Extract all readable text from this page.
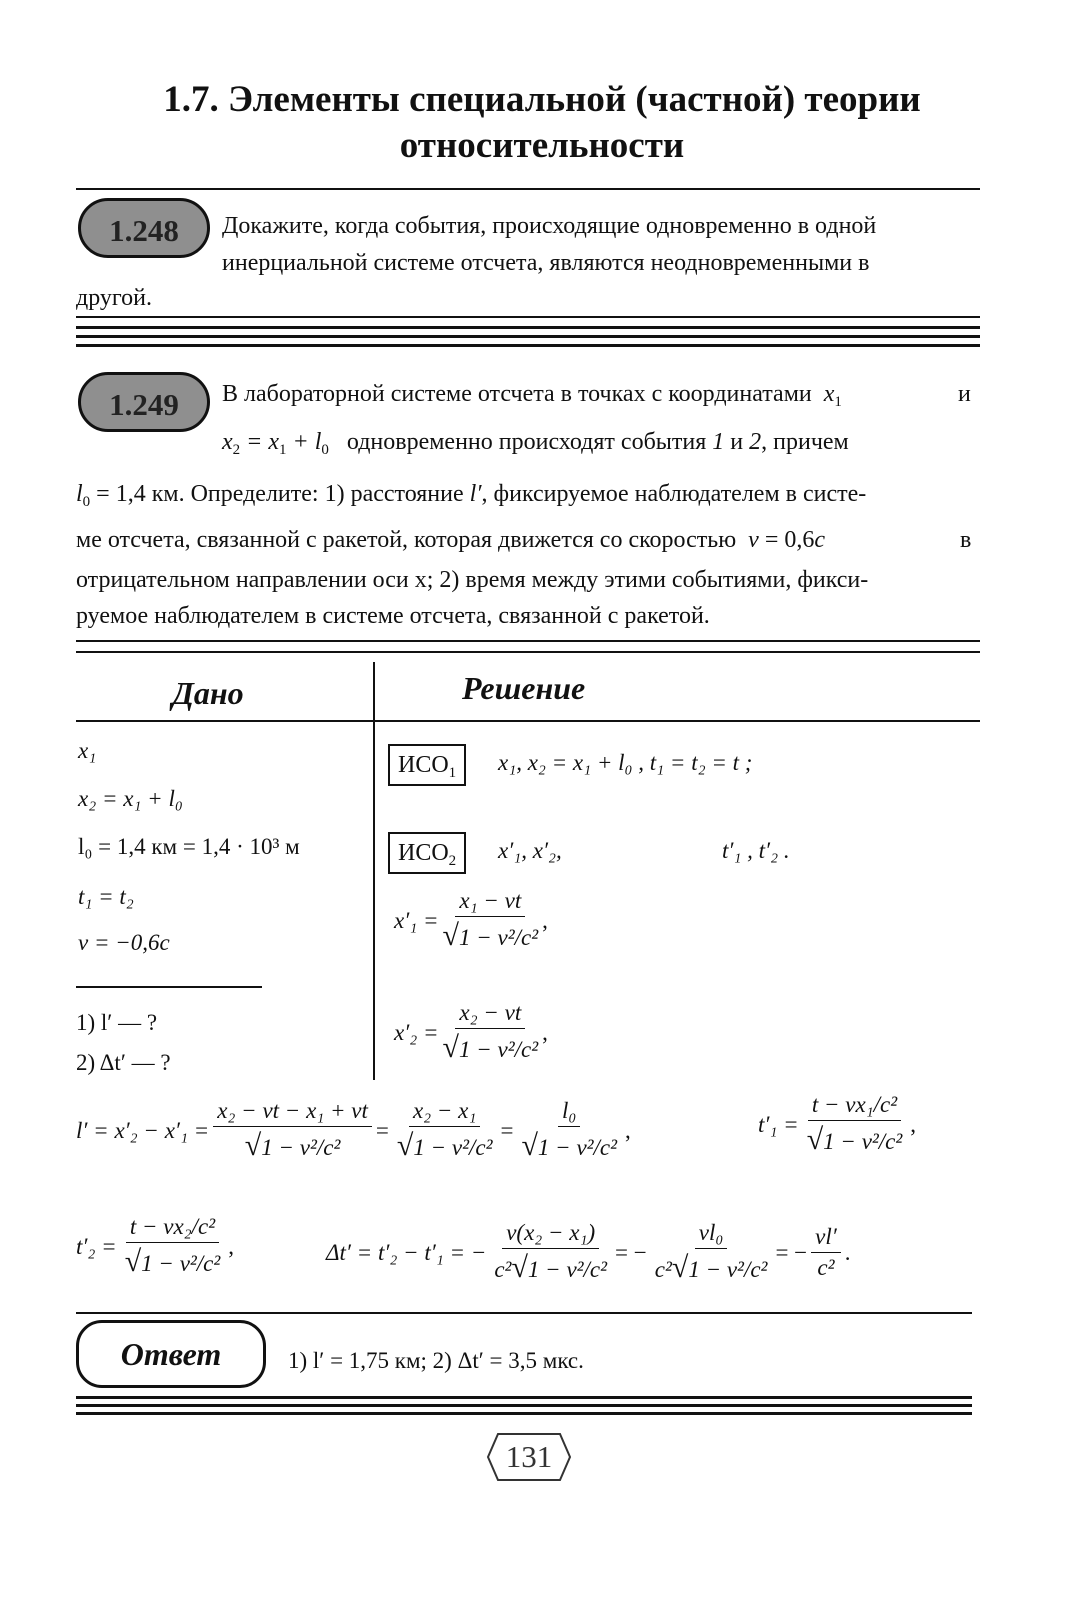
1.7. Элементы специальной (частной) теории
относительности
1.248	Докажите, когда события, происходящие одновременно в одной
инерциальной системе отсчета, являются неодновременными в
другой.
1.249	В лабораторной системе отсчета в точках с координатами $x_1$	и
$x_2 = x_1 + l_0$ одновременно происходят события 1 и 2, причем
$l_0 = 1,4$ км. Определите: 1) расстояние l′, фиксируемое наблюдателем в систе-
ме отсчета, связанной с ракетой, которая движется со скоростью v = 0,6c	в
отрицательном направлении оси x; 2) время между этими событиями, фикси-
руемое наблюдателем в системе отсчета, связанной с ракетой.
Дано	Решение
x₁
x₂ = x₁ + l₀
l₀ = 1,4 км = 1,4 · 10³ м
t₁ = t₂
v = −0,6c
1) l′ — ?
2) Δt′ — ?
$ИСО_1$	x₁, x₂ = x₁ + l₀ , t₁ = t₂ = t ;
$ИСО_2$	x′₁, x′₂,	t′₁ , t′₂ .
$x'_1 = \frac{\text{x₁ − vt}}{\text{√1 − v²/c²}}$ ,
$x'_2 = \frac{\text{x₂ − vt}}{\text{√1 − v²/c²}}$ ,
$l' = x'_2 - x'_1 = \frac{\text{x₂ − vt − x₁ + vt}}{\text{√1 − v²/c²}} = \frac{\text{x₂ − x₁}}{\text{√1 − v²/c²}} = \frac{\text{l₀}}{\text{√1 − v²/c²}}$ ,	$t'_1 = \frac{\text{t − vx₁/c²}}{\text{√1 − v²/c²}}$ ,
$t'_2 = \frac{\text{t − vx₂/c²}}{\text{√1 − v²/c²}}$ ,	Δt′ = t′₂ − t′₁ = − $\frac{\text{v(x₂ − x₁)}}{\text{c²√1 − v²/c²}}$ = − $\frac{\text{vl₀}}{\text{c²√1 − v²/c²}}$ = − $\frac{vl'}{\text{c²}}$ .
Ответ	1) l′ = 1,75 км; 2) Δt′ = 3,5 мкс.
131
